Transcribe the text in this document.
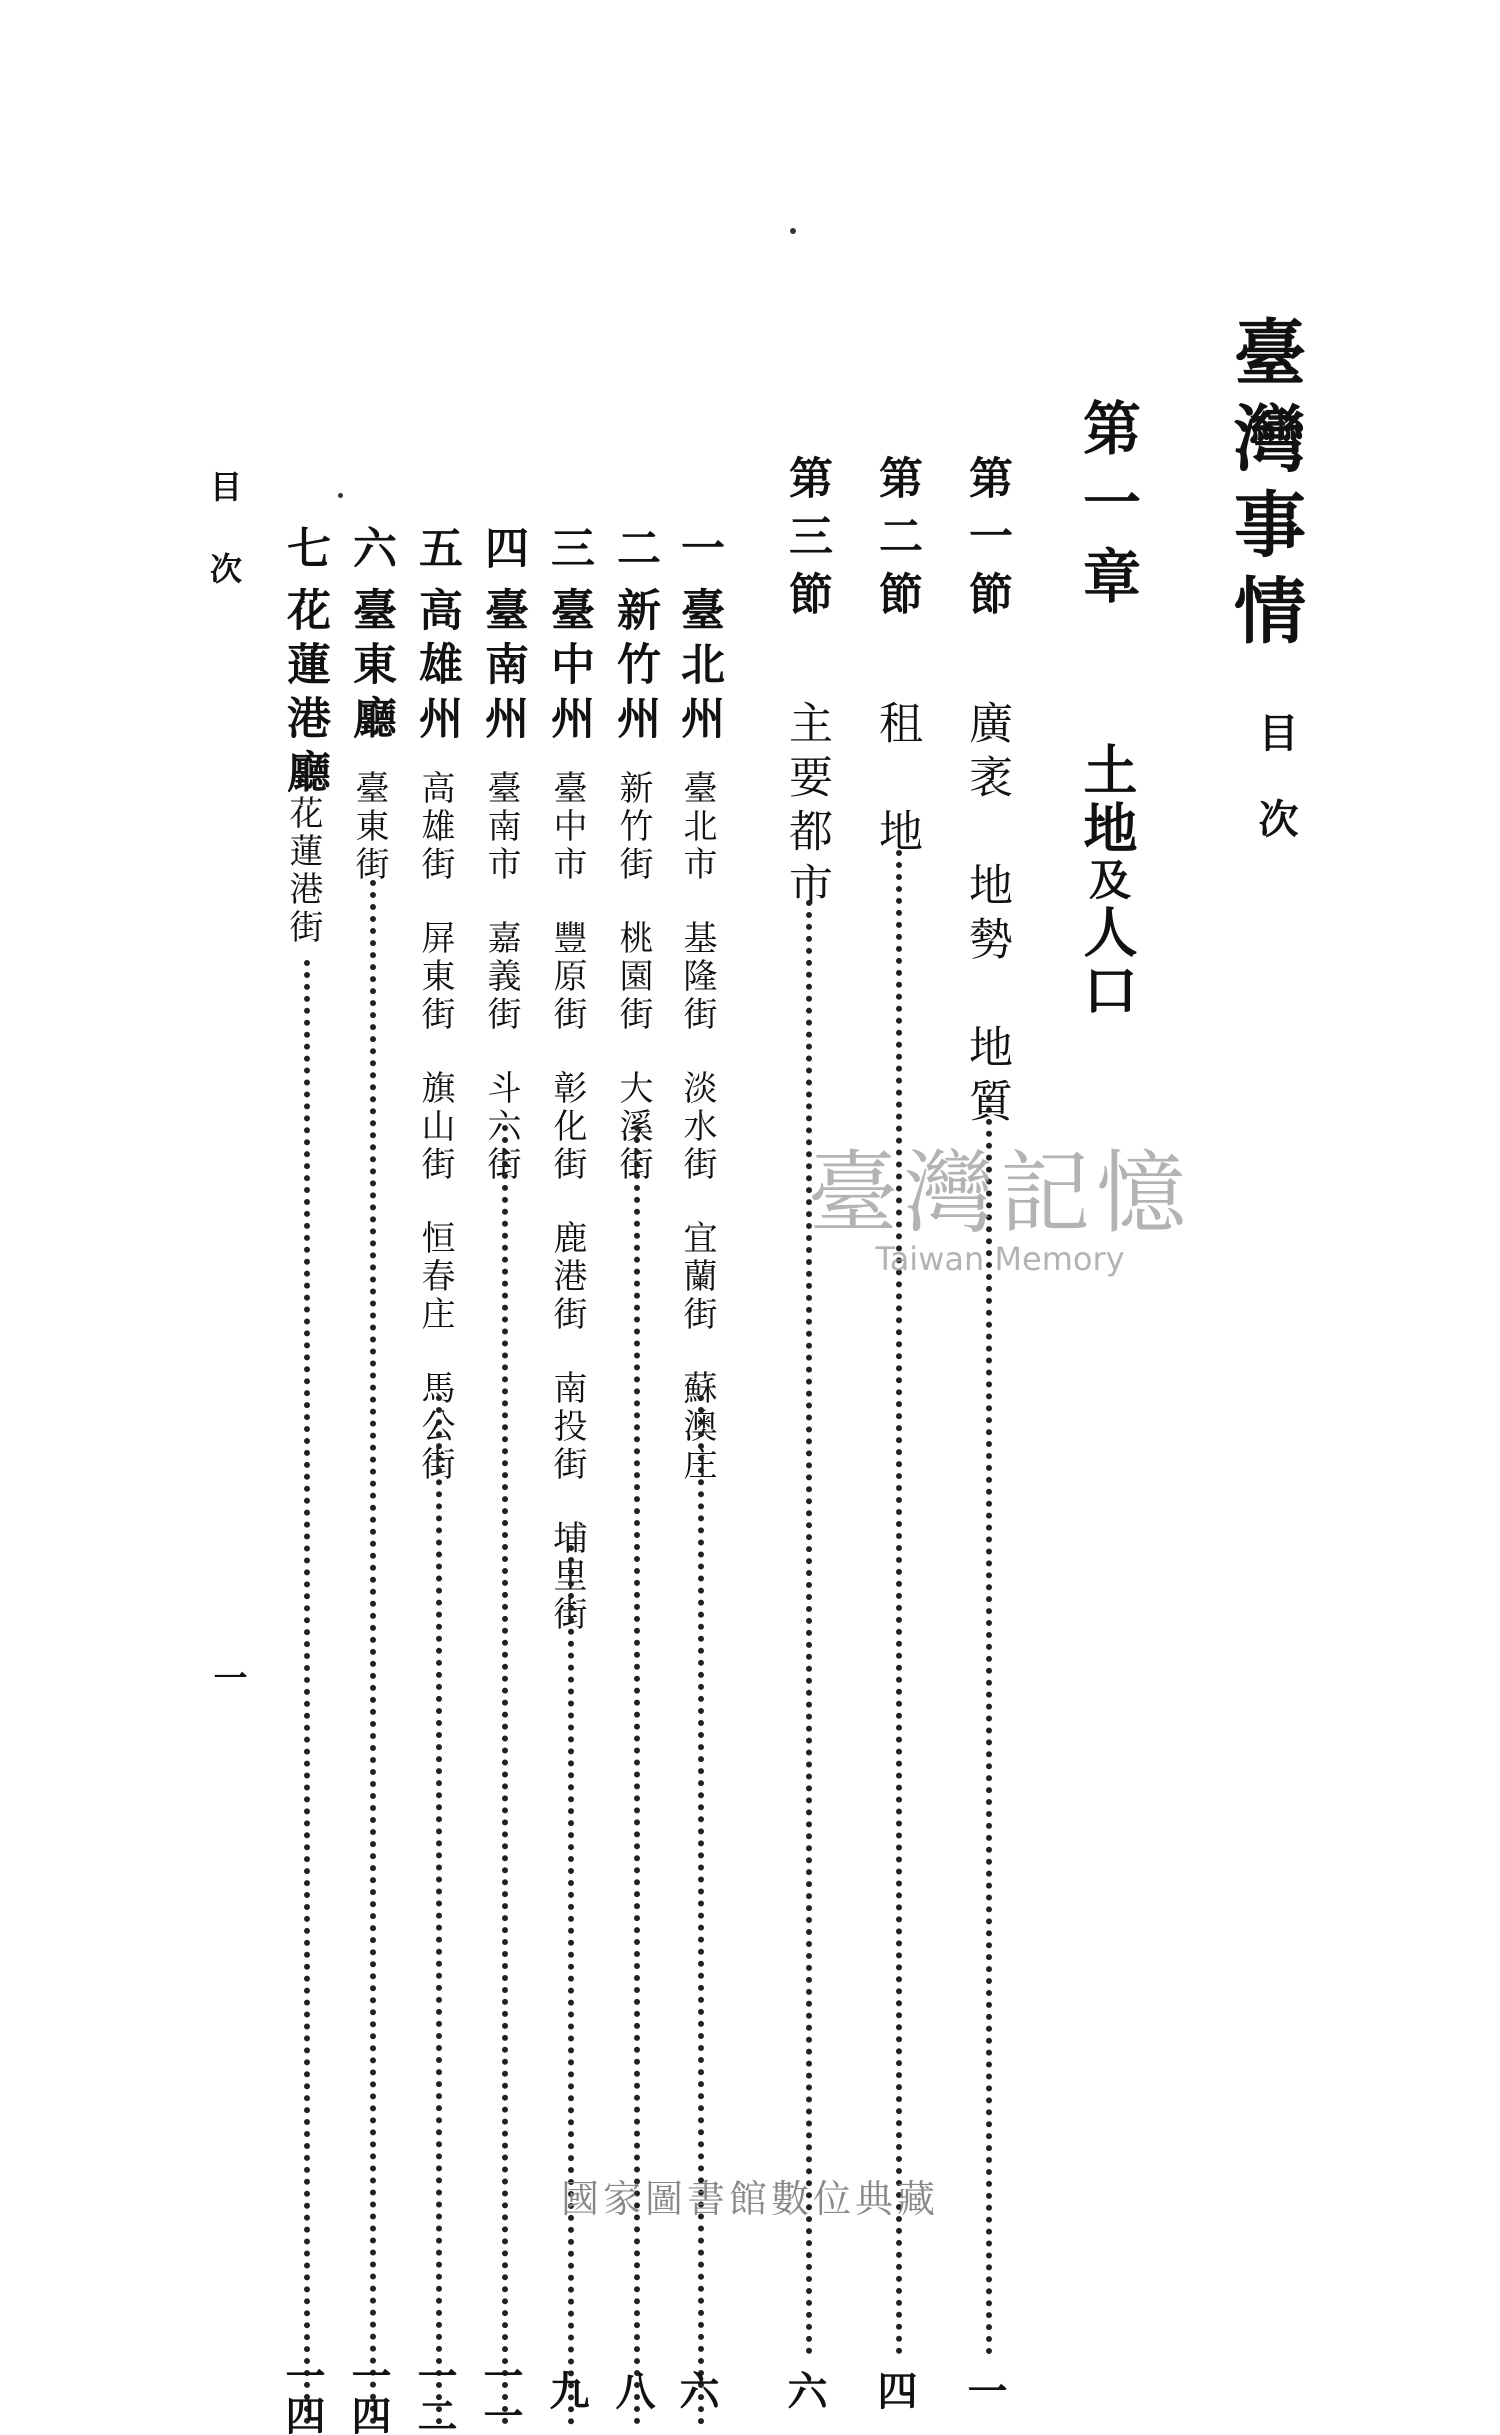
臺灣事情
目次
第一章
土地及人口
第一節
廣袤　地勢　地質
一
第二節
租　地
四
第三節
主要都市
六
一
臺北州
臺北市基隆街淡水街宜蘭街蘇澳庄
六
二
新竹州
新竹街桃園街大溪街
八
三
臺中州
臺中市豐原街彰化街鹿港街南投街埔里街
九
四
臺南州
臺南市嘉義街斗六街
一一
五
高雄州
高雄街屏東街旗山街恒春庄馬公街
一二
六
臺東廳
臺東街
一四
七
花蓮港廳
花蓮港街
一四
目次
一
臺灣記憶
Taiwan Memory
國家圖書館數位典藏
